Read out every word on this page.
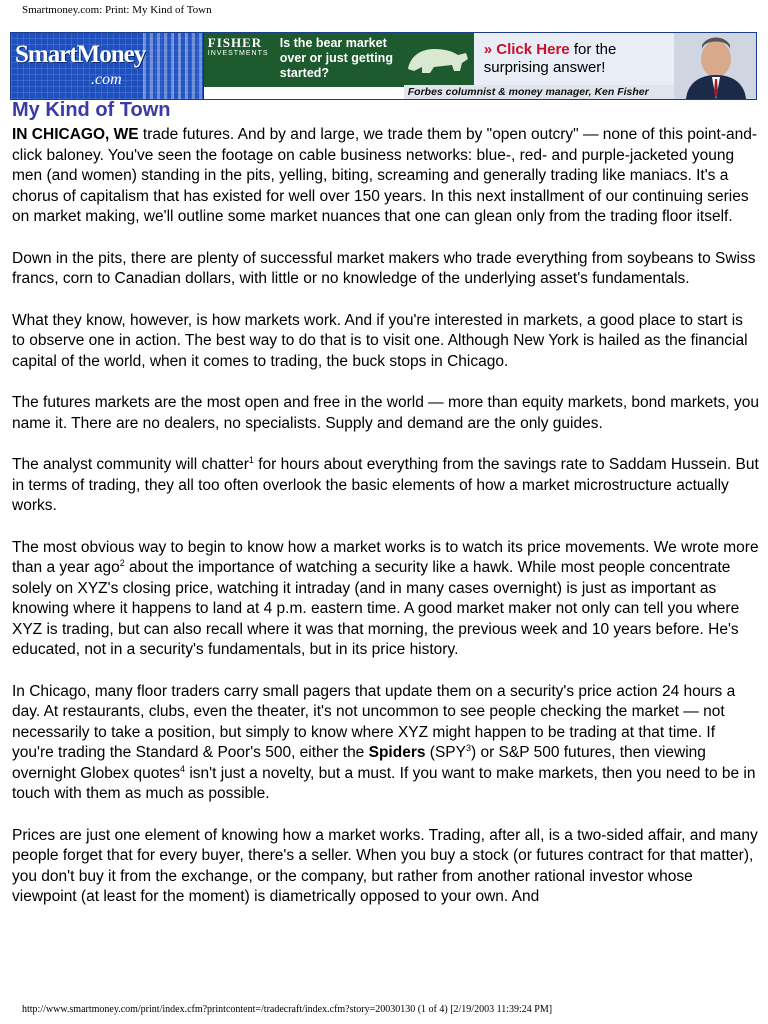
Smartmoney.com: Print: My Kind of Town
SmartMoney
.com
FISHER
INVESTMENTS
Is the bear market over or just getting started?
» Click Here for the surprising answer!
Forbes columnist & money manager, Ken Fisher
My Kind of Town

IN CHICAGO, WE trade futures. And by and large, we trade them by "open outcry" — none of this point-and-click baloney. You've seen the footage on cable business networks: blue-, red- and purple-jacketed young men (and women) standing in the pits, yelling, biting, screaming and generally trading like maniacs. It's a chorus of capitalism that has existed for well over 150 years. In this next installment of our continuing series on market making, we'll outline some market nuances that one can glean only from the trading floor itself.

Down in the pits, there are plenty of successful market makers who trade everything from soybeans to Swiss francs, corn to Canadian dollars, with little or no knowledge of the underlying asset's fundamentals.

What they know, however, is how markets work. And if you're interested in markets, a good place to start is to observe one in action. The best way to do that is to visit one. Although New York is hailed as the financial capital of the world, when it comes to trading, the buck stops in Chicago.

The futures markets are the most open and free in the world — more than equity markets, bond markets, you name it. There are no dealers, no specialists. Supply and demand are the only guides.

The analyst community will chatter$^1$ for hours about everything from the savings rate to Saddam Hussein. But in terms of trading, they all too often overlook the basic elements of how a market microstructure actually works.

The most obvious way to begin to know how a market works is to watch its price movements. We wrote more than a year ago$^2$ about the importance of watching a security like a hawk. While most people concentrate solely on XYZ's closing price, watching it intraday (and in many cases overnight) is just as important as knowing where it happens to land at 4 p.m. eastern time. A good market maker not only can tell you where XYZ is trading, but can also recall where it was that morning, the previous week and 10 years before. He's educated, not in a security's fundamentals, but in its price history.

In Chicago, many floor traders carry small pagers that update them on a security's price action 24 hours a day. At restaurants, clubs, even the theater, it's not uncommon to see people checking the market — not necessarily to take a position, but simply to know where XYZ might happen to be trading at that time. If you're trading the Standard & Poor's 500, either the Spiders (SPY$^3$) or S&P 500 futures, then viewing overnight Globex quotes$^4$ isn't just a novelty, but a must. If you want to make markets, then you need to be in touch with them as much as possible.

Prices are just one element of knowing how a market works. Trading, after all, is a two-sided affair, and many people forget that for every buyer, there's a seller. When you buy a stock (or futures contract for that matter), you don't buy it from the exchange, or the company, but rather from another rational investor whose viewpoint (at least for the moment) is diametrically opposed to your own. And

http://www.smartmoney.com/print/index.cfm?printcontent=/tradecraft/index.cfm?story=20030130 (1 of 4) [2/19/2003 11:39:24 PM]
